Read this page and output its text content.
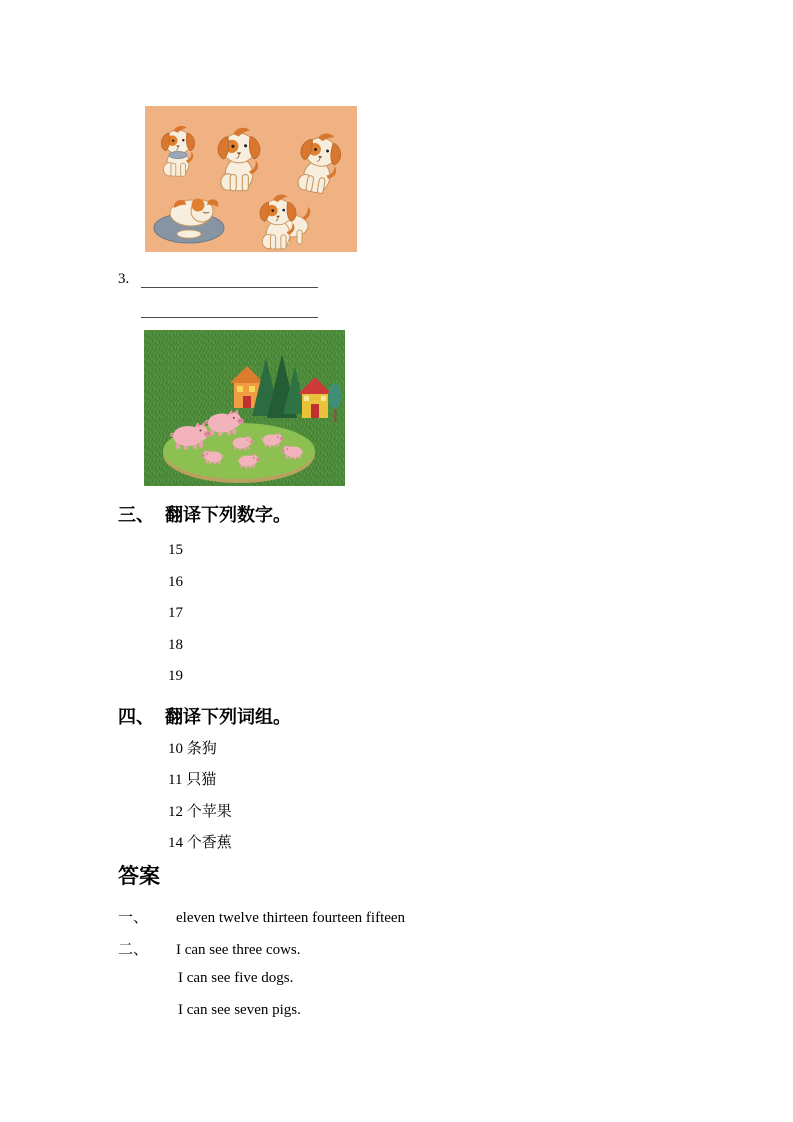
3.
三、 翻译下列数字。
15
16
17
18
19
四、 翻译下列词组。
10 条狗
11 只猫
12 个苹果
14 个香蕉
答案
一、 eleven twelve thirteen fourteen fifteen
二、 I can see three cows.
I can see five dogs.
I can see seven pigs.
